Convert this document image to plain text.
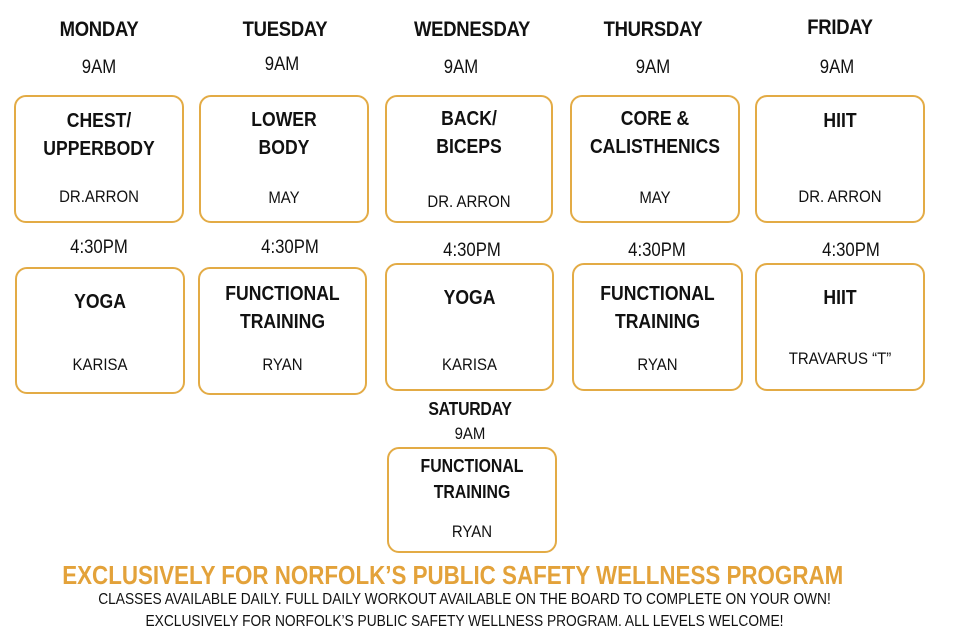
MONDAY
9AM
CHEST/
UPPERBODY
DR.ARRON
4:30PM
YOGA
KARISA
TUESDAY
9AM
LOWER
BODY
MAY
4:30PM
FUNCTIONAL
TRAINING
RYAN
WEDNESDAY
9AM
BACK/
BICEPS
DR. ARRON
4:30PM
YOGA
KARISA
THURSDAY
9AM
CORE &
CALISTHENICS
MAY
4:30PM
FUNCTIONAL
TRAINING
RYAN
FRIDAY
9AM
HIIT
DR. ARRON
4:30PM
HIIT
TRAVARUS “T”
SATURDAY
9AM
FUNCTIONAL
TRAINING
RYAN
EXCLUSIVELY FOR NORFOLK’S PUBLIC SAFETY WELLNESS PROGRAM
CLASSES AVAILABLE DAILY. FULL DAILY WORKOUT AVAILABLE ON THE BOARD TO COMPLETE ON YOUR OWN!
EXCLUSIVELY FOR NORFOLK’S PUBLIC SAFETY WELLNESS PROGRAM. ALL LEVELS WELCOME!
